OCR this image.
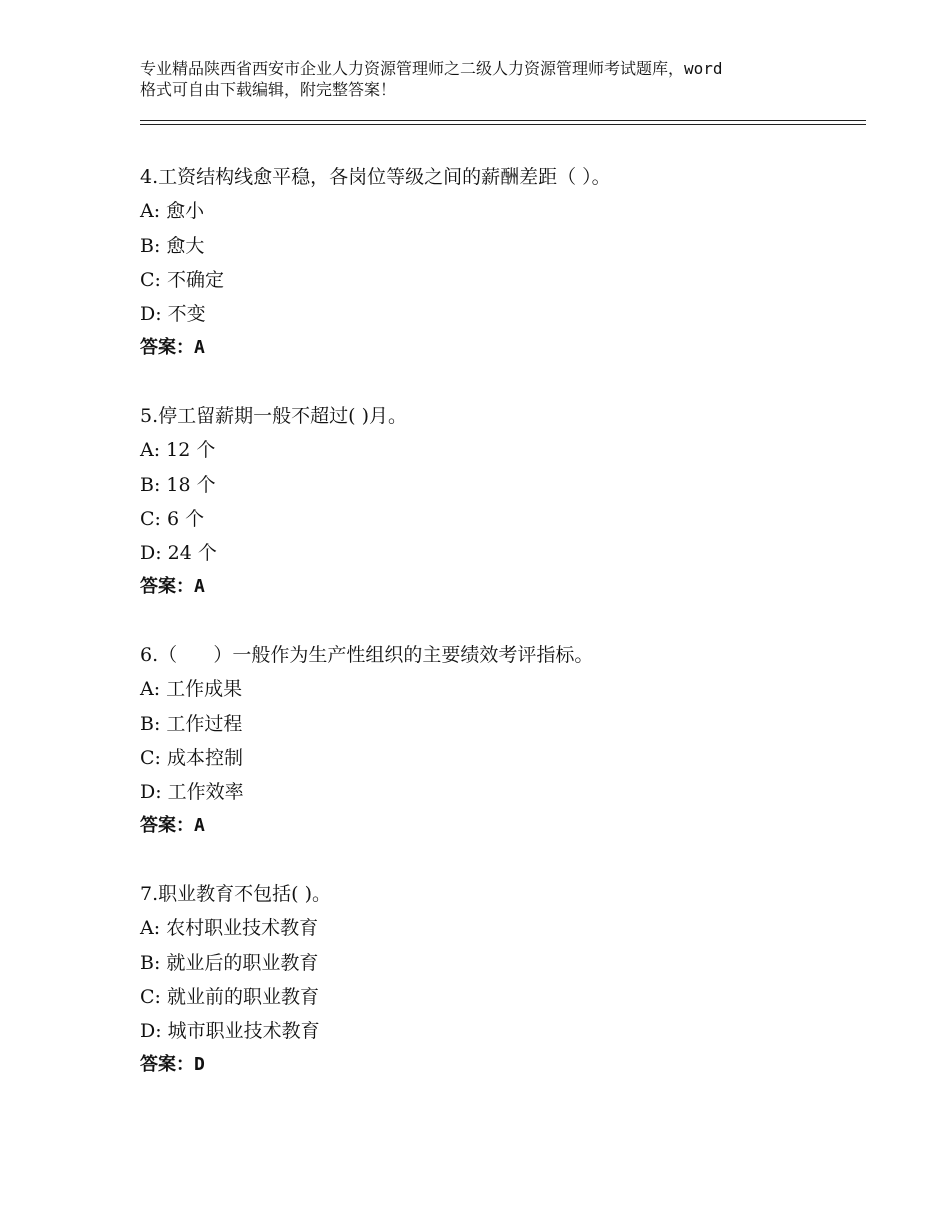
专业精品陕西省西安市企业人力资源管理师之二级人力资源管理师考试题库，word
格式可自由下载编辑，附完整答案！
4.工资结构线愈平稳，各岗位等级之间的薪酬差距（ ）。
A: 愈小
B: 愈大
C: 不确定
D: 不变
答案：A
5.停工留薪期一般不超过( )月。
A: 12 个
B: 18 个
C: 6 个
D: 24 个
答案：A
6.（      ）一般作为生产性组织的主要绩效考评指标。
A: 工作成果
B: 工作过程
C: 成本控制
D: 工作效率
答案：A
7.职业教育不包括( )。
A: 农村职业技术教育
B: 就业后的职业教育
C: 就业前的职业教育
D: 城市职业技术教育
答案：D
